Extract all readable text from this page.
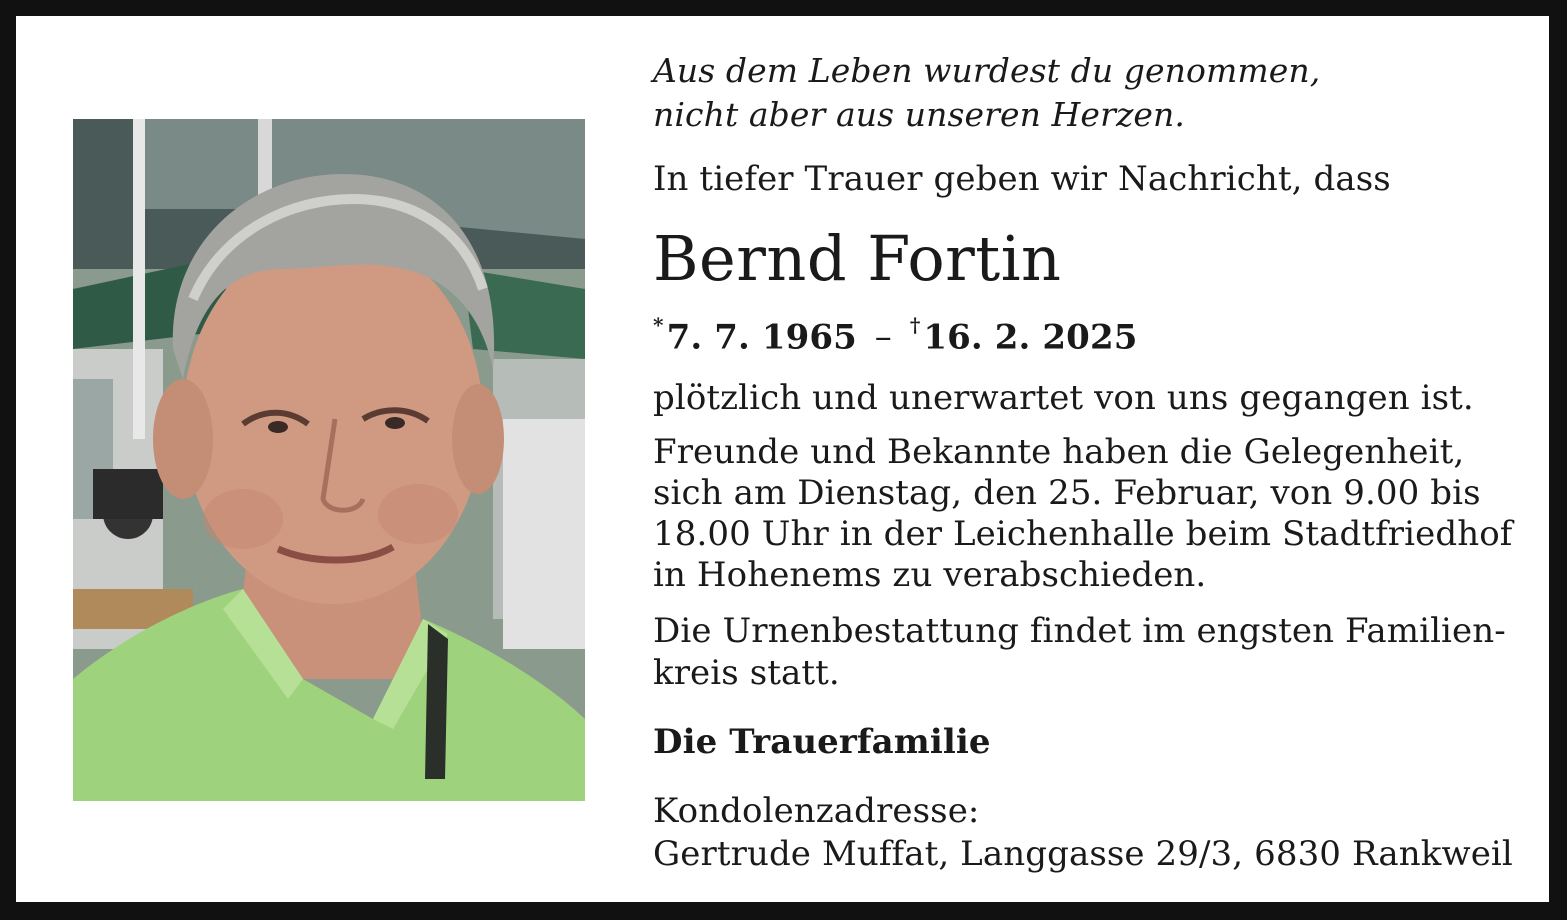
Aus dem Leben wurdest du genommen,
nicht aber aus unseren Herzen.
In tiefer Trauer geben wir Nachricht, dass
Bernd Fortin
*7. 7. 1965 – †16. 2. 2025
plötzlich und unerwartet von uns gegangen ist.
Freunde und Bekannte haben die Gelegenheit,
sich am Dienstag, den 25. Februar, von 9.00 bis
18.00 Uhr in der Leichenhalle beim Stadtfriedhof
in Hohenems zu verabschieden.
Die Urnenbestattung findet im engsten Familien-
kreis statt.
Die Trauerfamilie
Kondolenzadresse:
Gertrude Muffat, Langgasse 29/3, 6830 Rankweil
